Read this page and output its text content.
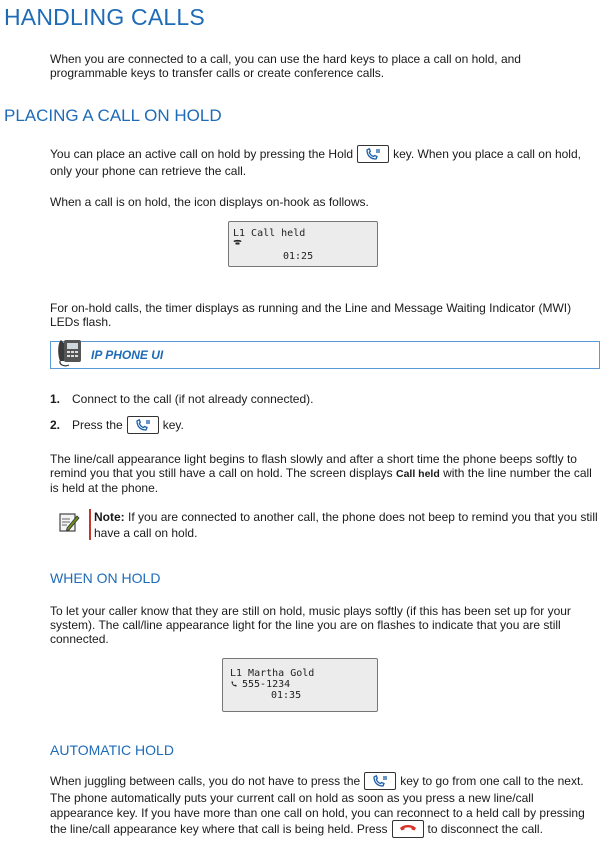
HANDLING CALLS
When you are connected to a call, you can use the hard keys to place a call on hold, and programmable keys to transfer calls or create conference calls.
PLACING A CALL ON HOLD
You can place an active call on hold by pressing the Hold	key. When you place a call on hold, only your phone can retrieve the call.
When a call is on hold, the icon displays on-hook as follows.
L1 Call held
01:25
For on-hold calls, the timer displays as running and the Line and Message Waiting Indicator (MWI) LEDs flash.
IP PHONE UI
1. Connect to the call (if not already connected).
2. Press the	key.
The line/call appearance light begins to flash slowly and after a short time the phone beeps softly to remind you that you still have a call on hold. The screen displays Call held with the line number the call is held at the phone.
Note: If you are connected to another call, the phone does not beep to remind you that you still have a call on hold.
WHEN ON HOLD
To let your caller know that they are still on hold, music plays softly (if this has been set up for your system). The call/line appearance light for the line you are on flashes to indicate that you are still connected.
L1 Martha Gold
555-1234
01:35
AUTOMATIC HOLD
When juggling between calls, you do not have to press the	key to go from one call to the next. The phone automatically puts your current call on hold as soon as you press a new line/call appearance key. If you have more than one call on hold, you can reconnect to a held call by pressing the line/call appearance key where that call is being held. Press	to disconnect the call.
